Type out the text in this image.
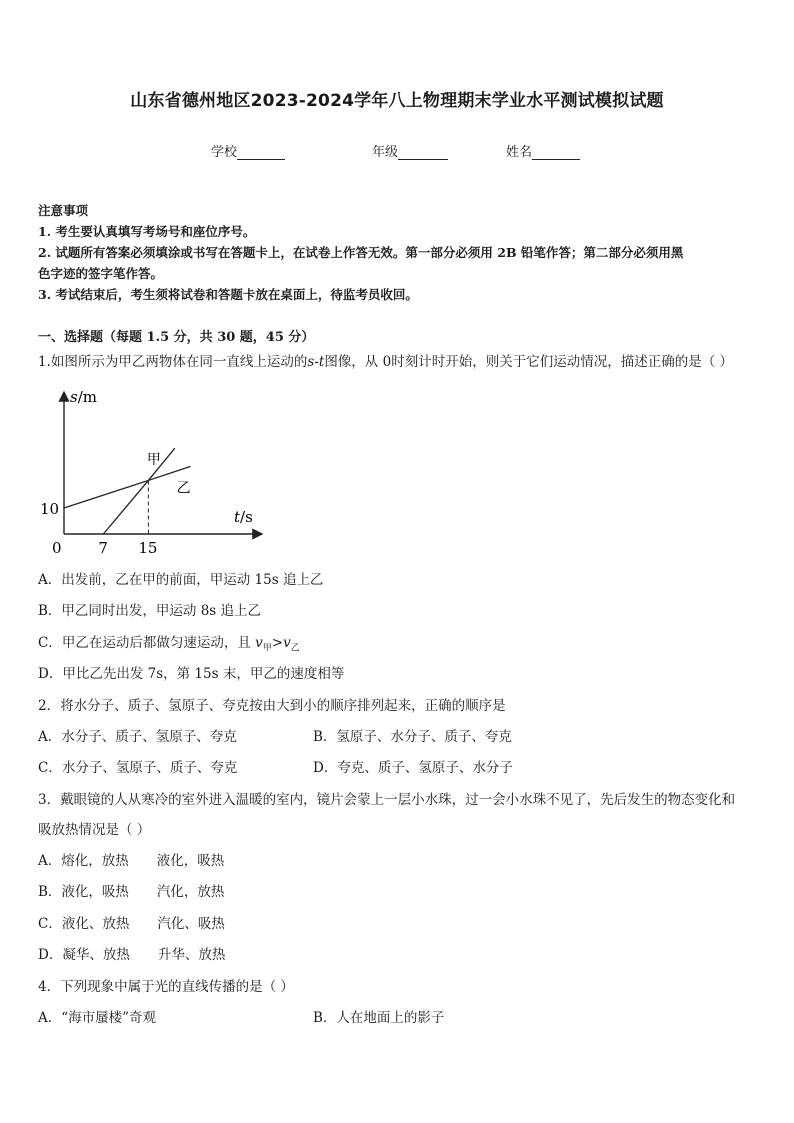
山东省德州地区2023-2024学年八上物理期末学业水平测试模拟试题
学校	年级	姓名
注意事项
1. 考生要认真填写考场号和座位序号。
2. 试题所有答案必须填涂或书写在答题卡上，在试卷上作答无效。第一部分必须用 2B 铅笔作答；第二部分必须用黑
色字迹的签字笔作答。
3. 考试结束后，考生须将试卷和答题卡放在桌面上，待监考员收回。
一、选择题（每题 1.5 分，共 30 题，45 分）
1.如图所示为甲乙两物体在同一直线上运动的s-t图像，从 0时刻计时开始，则关于它们运动情况，描述正确的是（ ）
s/m
t/s
甲
乙
0 7 15
10
A．出发前，乙在甲的前面，甲运动 15s 追上乙
B．甲乙同时出发，甲运动 8s 追上乙
C．甲乙在运动后都做匀速运动，且 $v_甲>v_乙$
D．甲比乙先出发 7s，第 15s 末，甲乙的速度相等
2．将水分子、质子、氢原子、夸克按由大到小的顺序排列起来，正确的顺序是
A．水分子、质子、氢原子、夸克	B．氢原子、水分子、质子、夸克
C．水分子、氢原子、质子、夸克	D．夸克、质子、氢原子、水分子
3．戴眼镜的人从寒冷的室外进入温暖的室内，镜片会蒙上一层小水珠，过一会小水珠不见了，先后发生的物态变化和
吸放热情况是（ ）
A．熔化，放热 液化，吸热
B．液化，吸热 汽化，放热
C．液化、放热 汽化、吸热
D．凝华、放热 升华、放热
4．下列现象中属于光的直线传播的是（ ）
A．“海市蜃楼”奇观	B．人在地面上的影子
